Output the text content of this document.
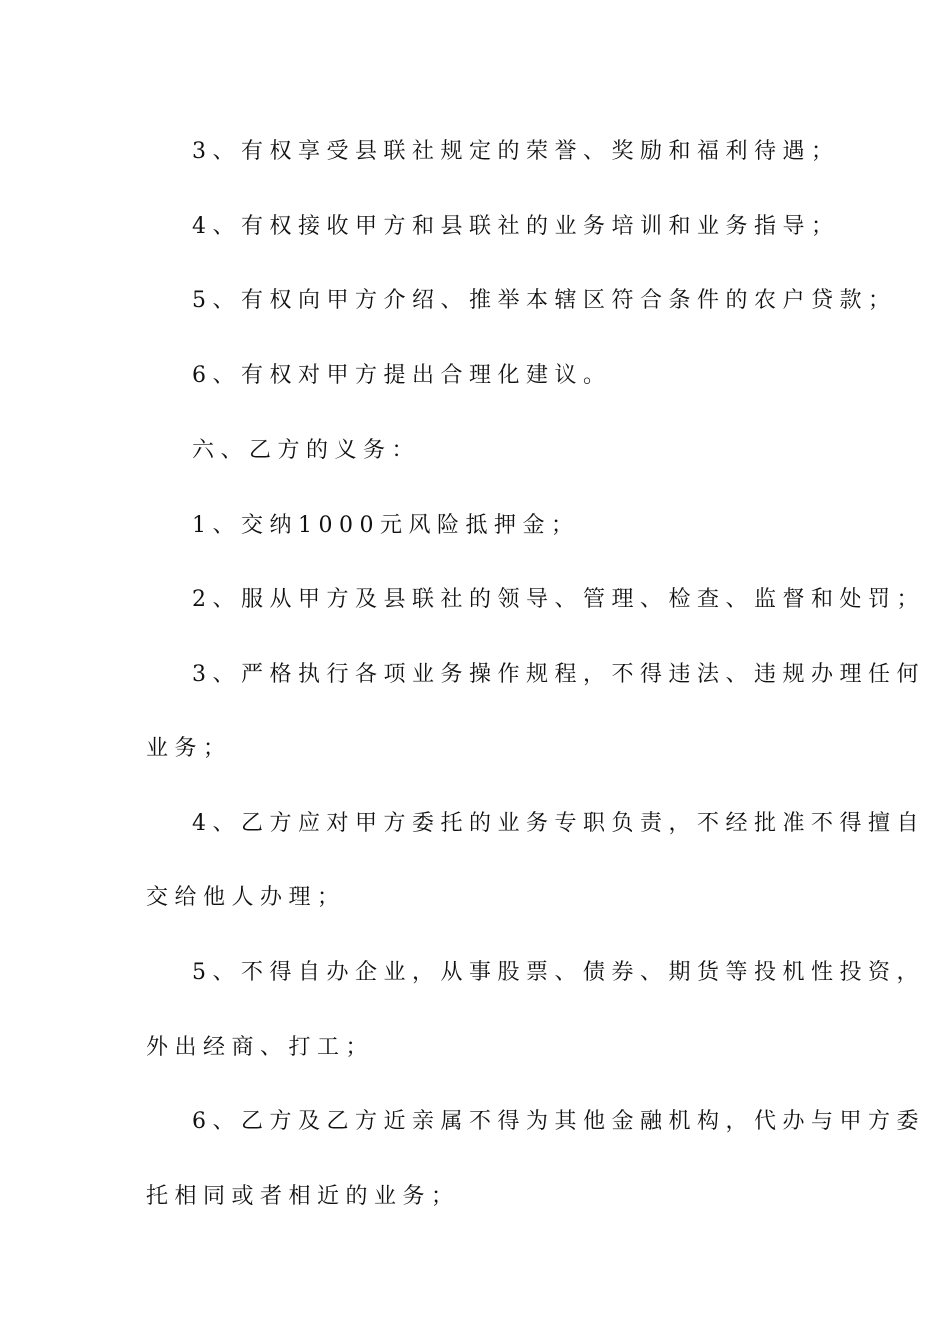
3、有权享受县联社规定的荣誉、奖励和福利待遇；
4、有权接收甲方和县联社的业务培训和业务指导；
5、有权向甲方介绍、推举本辖区符合条件的农户贷款；
6、有权对甲方提出合理化建议。
六、乙方的义务：
1、交纳1000元风险抵押金；
2、服从甲方及县联社的领导、管理、检查、监督和处罚；
3、严格执行各项业务操作规程，不得违法、违规办理任何
业务；
4、乙方应对甲方委托的业务专职负责，不经批准不得擅自
交给他人办理；
5、不得自办企业，从事股票、债券、期货等投机性投资，
外出经商、打工；
6、乙方及乙方近亲属不得为其他金融机构，代办与甲方委
托相同或者相近的业务；
